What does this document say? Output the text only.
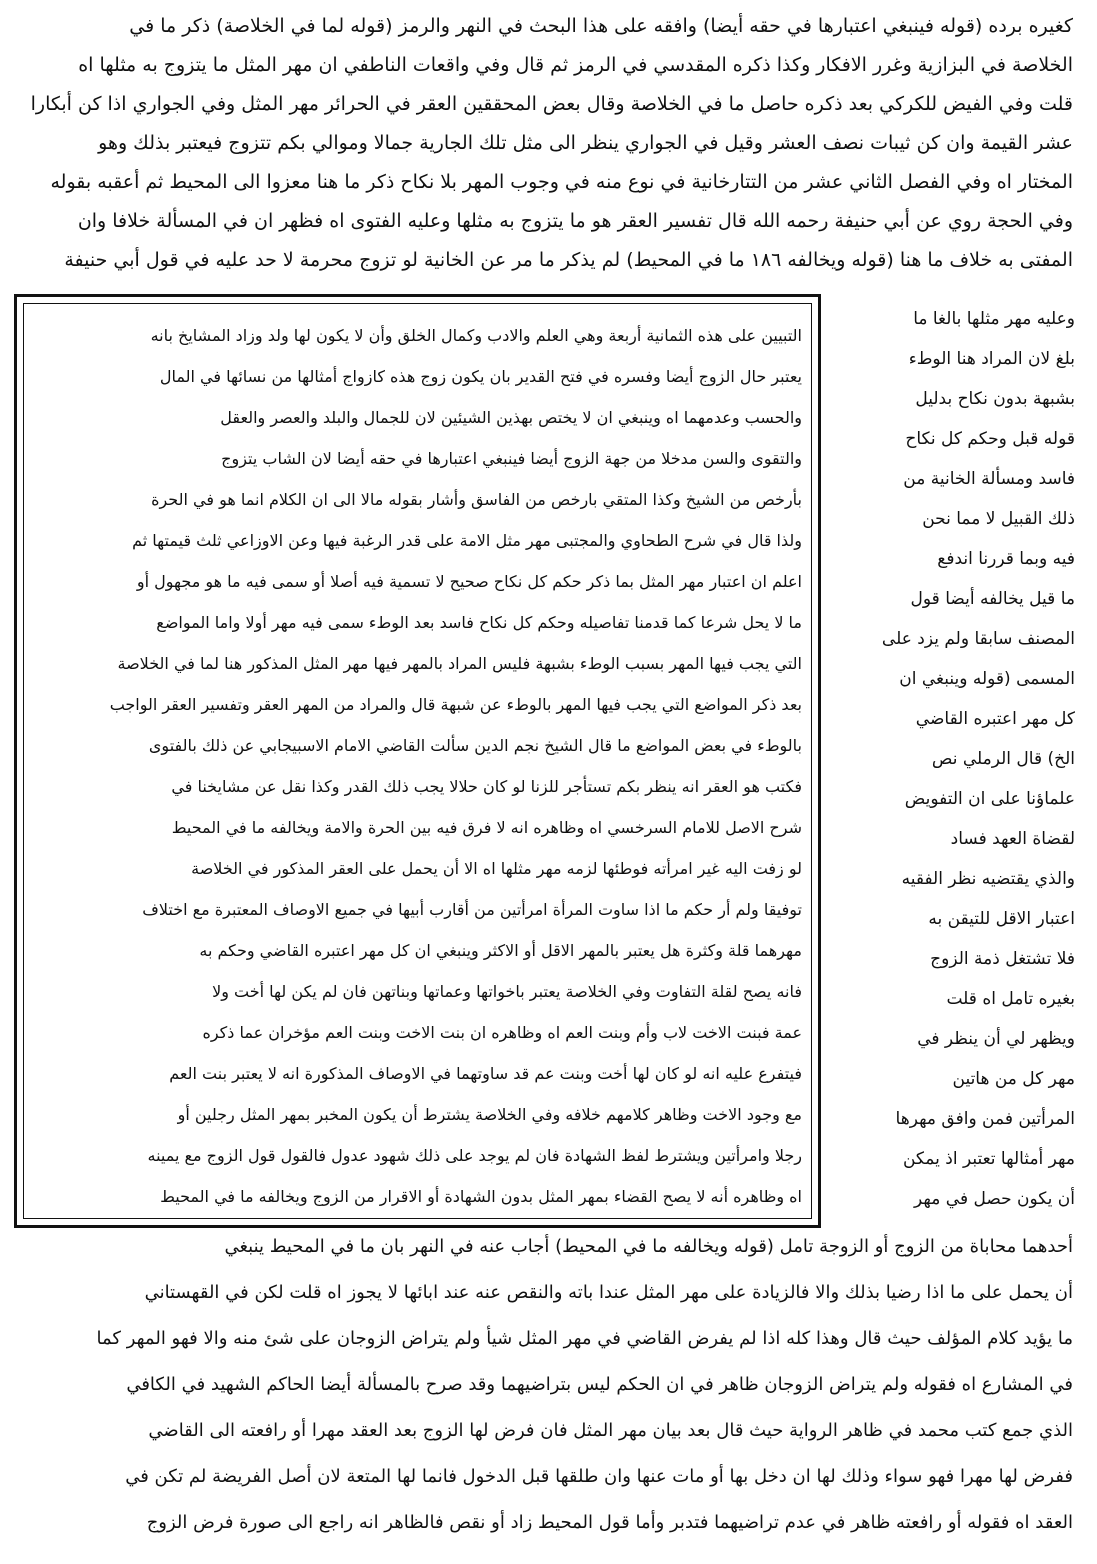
كغيره برده (قوله فينبغي اعتبارها في حقه أيضا) وافقه على هذا البحث في النهر والرمز (قوله لما في الخلاصة) ذكر ما في
الخلاصة في البزازية وغرر الافكار وكذا ذكره المقدسي في الرمز ثم قال وفي واقعات الناطفي ان مهر المثل ما يتزوج به مثلها اه
قلت وفي الفيض للكركي بعد ذكره حاصل ما في الخلاصة وقال بعض المحققين العقر في الحرائر مهر المثل وفي الجواري اذا كن أبكارا
عشر القيمة وان كن ثيبات نصف العشر وقيل في الجواري ينظر الى مثل تلك الجارية جمالا وموالي بكم تتزوج فيعتبر بذلك وهو
المختار اه وفي الفصل الثاني عشر من التتارخانية في نوع منه في وجوب المهر بلا نكاح ذكر ما هنا معزوا الى المحيط ثم أعقبه بقوله
وفي الحجة روي عن أبي حنيفة رحمه الله قال تفسير العقر هو ما يتزوج به مثلها وعليه الفتوى اه فظهر ان في المسألة خلافا وان
المفتى به خلاف ما هنا (قوله ويخالفه ١٨٦ ما في المحيط) لم يذكر ما مر عن الخانية لو تزوج محرمة لا حد عليه في قول أبي حنيفة
التبيين على هذه الثمانية أربعة وهي العلم والادب وكمال الخلق وأن لا يكون لها ولد وزاد المشايخ بانه
يعتبر حال الزوج أيضا وفسره في فتح القدير بان يكون زوج هذه كازواج أمثالها من نسائها في المال
والحسب وعدمهما اه وينبغي ان لا يختص بهذين الشيئين لان للجمال والبلد والعصر والعقل
والتقوى والسن مدخلا من جهة الزوج أيضا فينبغي اعتبارها في حقه أيضا لان الشاب يتزوج
بأرخص من الشيخ وكذا المتقي بارخص من الفاسق وأشار بقوله مالا الى ان الكلام انما هو في الحرة
ولذا قال في شرح الطحاوي والمجتبى مهر مثل الامة على قدر الرغبة فيها وعن الاوزاعي ثلث قيمتها ثم
اعلم ان اعتبار مهر المثل بما ذكر حكم كل نكاح صحيح لا تسمية فيه أصلا أو سمى فيه ما هو مجهول أو
ما لا يحل شرعا كما قدمنا تفاصيله وحكم كل نكاح فاسد بعد الوطء سمى فيه مهر أولا واما المواضع
التي يجب فيها المهر بسبب الوطء بشبهة فليس المراد بالمهر فيها مهر المثل المذكور هنا لما في الخلاصة
بعد ذكر المواضع التي يجب فيها المهر بالوطء عن شبهة قال والمراد من المهر العقر وتفسير العقر الواجب
بالوطء في بعض المواضع ما قال الشيخ نجم الدين سألت القاضي الامام الاسبيجابي عن ذلك بالفتوى
فكتب هو العقر انه ينظر بكم تستأجر للزنا لو كان حلالا يجب ذلك القدر وكذا نقل عن مشايخنا في
شرح الاصل للامام السرخسي اه وظاهره انه لا فرق فيه بين الحرة والامة ويخالفه ما في المحيط
لو زفت اليه غير امرأته فوطئها لزمه مهر مثلها اه الا أن يحمل على العقر المذكور في الخلاصة
توفيقا ولم أر حكم ما اذا ساوت المرأة امرأتين من أقارب أبيها في جميع الاوصاف المعتبرة مع اختلاف
مهرهما قلة وكثرة هل يعتبر بالمهر الاقل أو الاكثر وينبغي ان كل مهر اعتبره القاضي وحكم به
فانه يصح لقلة التفاوت وفي الخلاصة يعتبر باخواتها وعماتها وبناتهن فان لم يكن لها أخت ولا
عمة فبنت الاخت لاب وأم وبنت العم اه وظاهره ان بنت الاخت وبنت العم مؤخران عما ذكره
فيتفرع عليه انه لو كان لها أخت وبنت عم قد ساوتهما في الاوصاف المذكورة انه لا يعتبر بنت العم
مع وجود الاخت وظاهر كلامهم خلافه وفي الخلاصة يشترط أن يكون المخبر بمهر المثل رجلين أو
رجلا وامرأتين ويشترط لفظ الشهادة فان لم يوجد على ذلك شهود عدول فالقول قول الزوج مع يمينه
اه وظاهره أنه لا يصح القضاء بمهر المثل بدون الشهادة أو الاقرار من الزوج ويخالفه ما في المحيط
وعليه مهر مثلها بالغا ما
بلغ لان المراد هنا الوطء
بشبهة بدون نكاح بدليل
قوله قبل وحكم كل نكاح
فاسد ومسألة الخانية من
ذلك القبيل لا مما نحن
فيه وبما قررنا اندفع
ما قيل يخالفه أيضا قول
المصنف سابقا ولم يزد على
المسمى (قوله وينبغي ان
كل مهر اعتبره القاضي
الخ) قال الرملي نص
علماؤنا على ان التفويض
لقضاة العهد فساد
والذي يقتضيه نظر الفقيه
اعتبار الاقل للتيقن به
فلا تشتغل ذمة الزوج
بغيره تامل اه قلت
ويظهر لي أن ينظر في
مهر كل من هاتين
المرأتين فمن وافق مهرها
مهر أمثالها تعتبر اذ يمكن
أن يكون حصل في مهر
أحدهما محاباة من الزوج أو الزوجة تامل (قوله ويخالفه ما في المحيط) أجاب عنه في النهر بان ما في المحيط ينبغي
أن يحمل على ما اذا رضيا بذلك والا فالزيادة على مهر المثل عندا باته والنقص عنه عند ابائها لا يجوز اه قلت لكن في القهستاني
ما يؤيد كلام المؤلف حيث قال وهذا كله اذا لم يفرض القاضي في مهر المثل شيأ ولم يتراض الزوجان على شئ منه والا فهو المهر كما
في المشارع اه فقوله ولم يتراض الزوجان ظاهر في ان الحكم ليس بتراضيهما وقد صرح بالمسألة أيضا الحاكم الشهيد في الكافي
الذي جمع كتب محمد في ظاهر الرواية حيث قال بعد بيان مهر المثل فان فرض لها الزوج بعد العقد مهرا أو رافعته الى القاضي
ففرض لها مهرا فهو سواء وذلك لها ان دخل بها أو مات عنها وان طلقها قبل الدخول فانما لها المتعة لان أصل الفريضة لم تكن في
العقد اه فقوله أو رافعته ظاهر في عدم تراضيهما فتدبر وأما قول المحيط زاد أو نقص فالظاهر انه راجع الى صورة فرض الزوج
